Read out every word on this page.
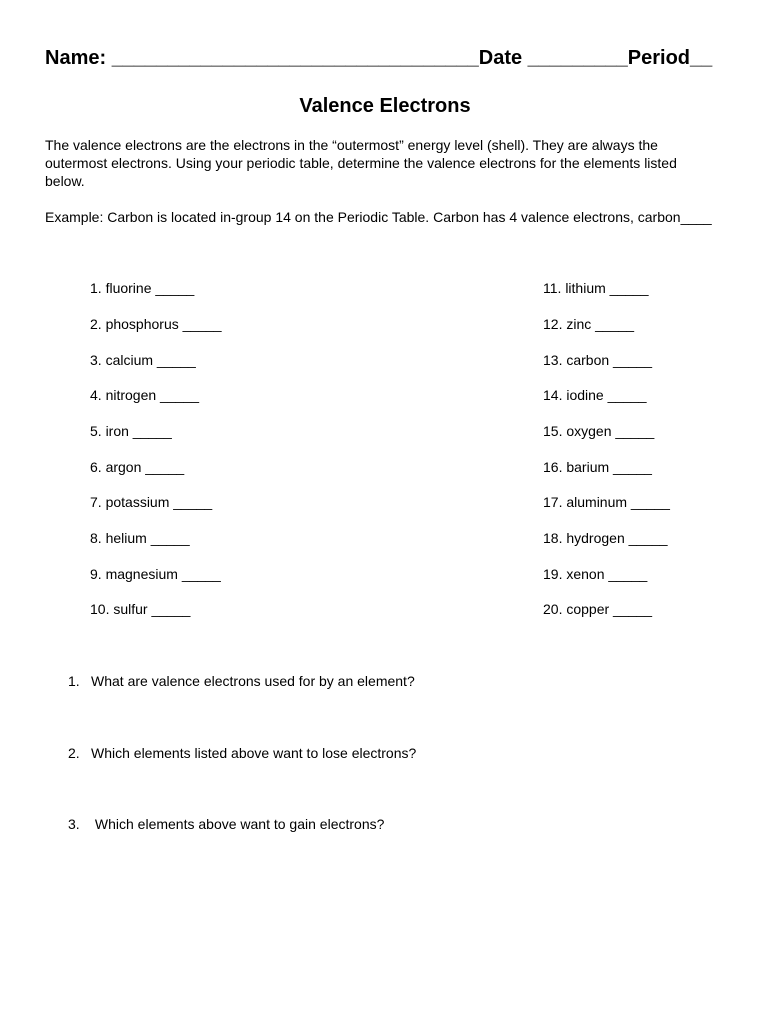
Name: _________________________________Date _________Period__
Valence Electrons
The valence electrons are the electrons in the “outermost” energy level (shell). They are always the outermost electrons. Using your periodic table, determine the valence electrons for the elements listed below.
Example: Carbon is located in-group 14 on the Periodic Table. Carbon has 4 valence electrons, carbon____
1. fluorine _____
2. phosphorus _____
3. calcium _____
4. nitrogen _____
5. iron _____
6. argon _____
7. potassium _____
8. helium _____
9. magnesium _____
10. sulfur _____
11. lithium _____
12. zinc _____
13. carbon _____
14. iodine _____
15. oxygen _____
16. barium _____
17. aluminum _____
18. hydrogen _____
19. xenon _____
20. copper _____
1. What are valence electrons used for by an element?
2. Which elements listed above want to lose electrons?
3. Which elements above want to gain electrons?
